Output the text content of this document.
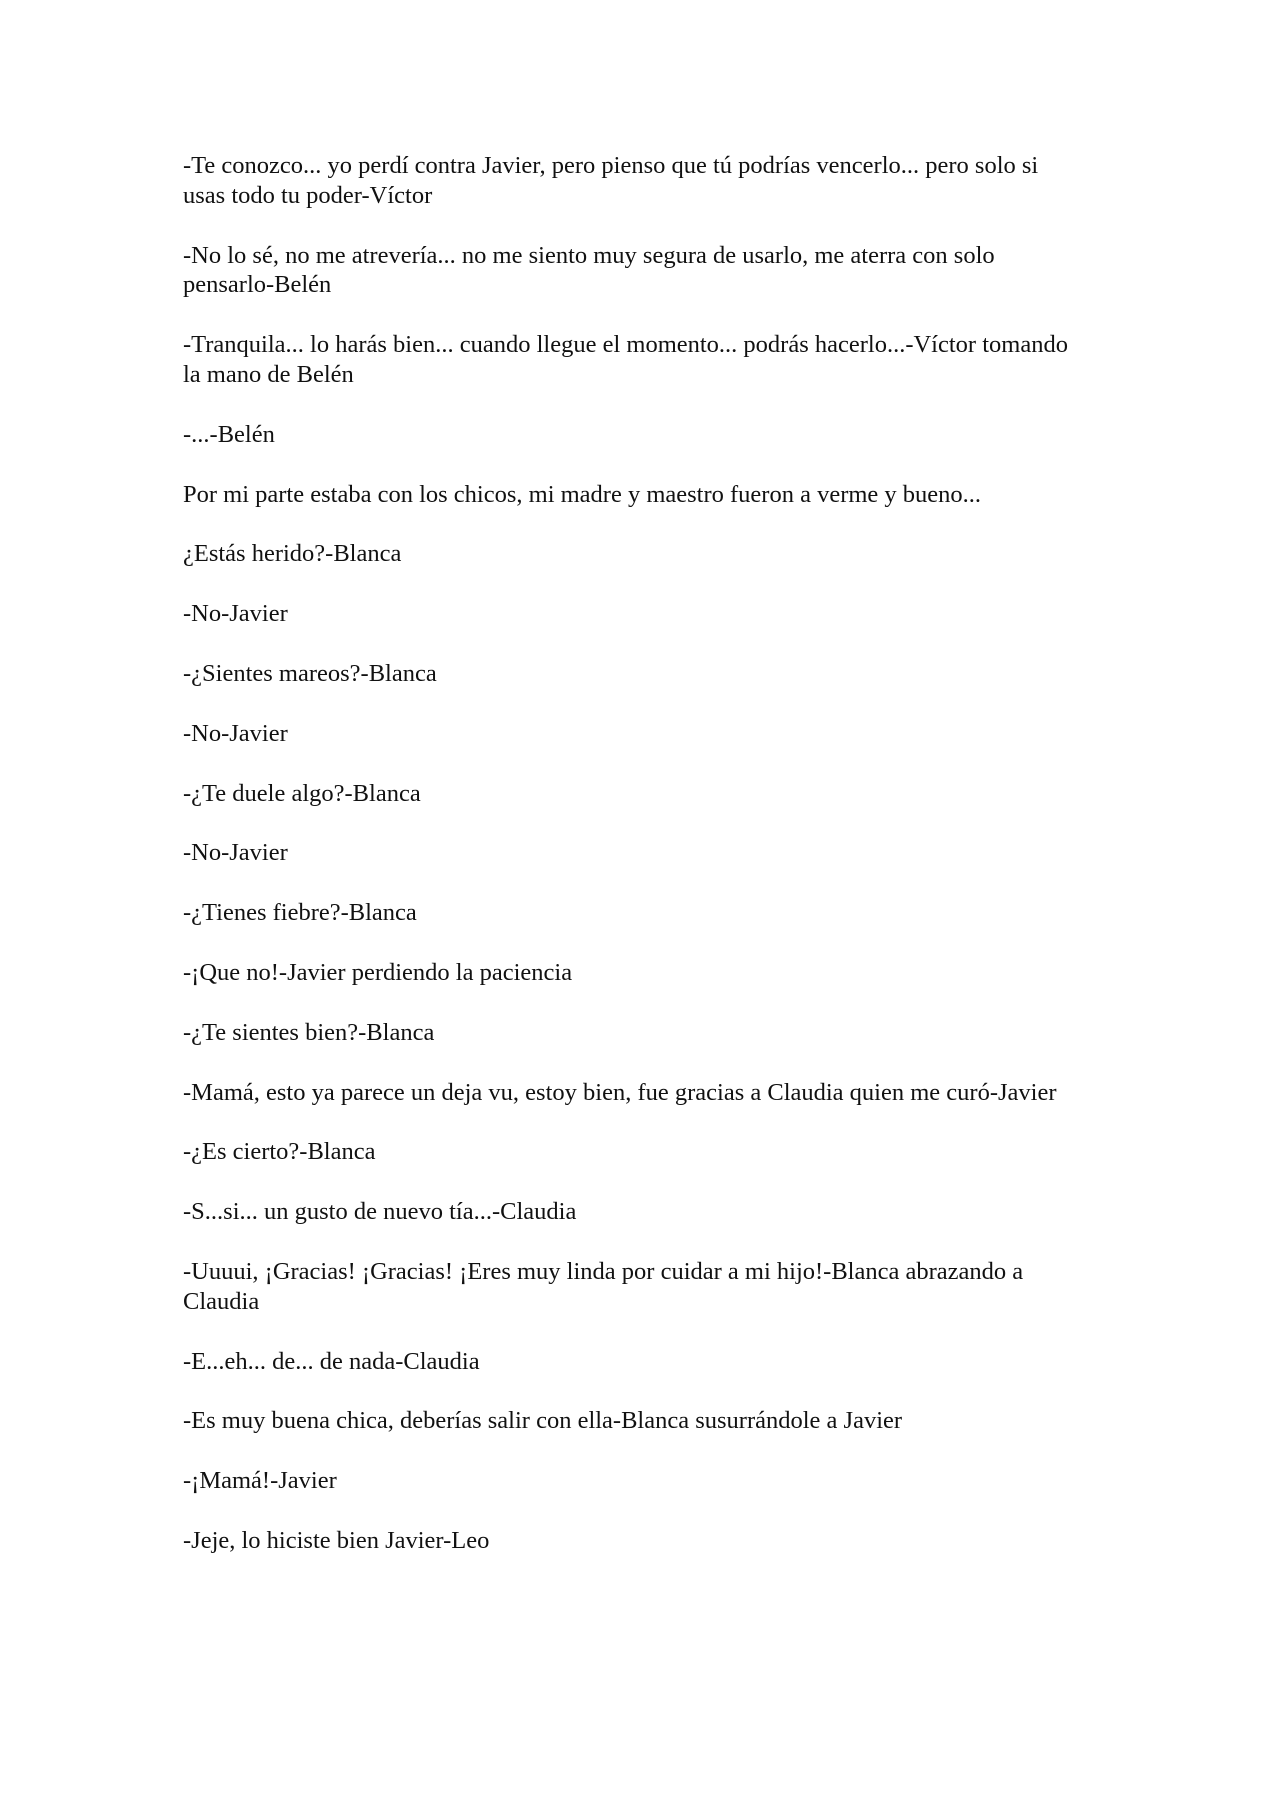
-Te conozco... yo perdí contra Javier, pero pienso que tú podrías vencerlo... pero solo si usas todo tu poder-Víctor

-No lo sé, no me atrevería... no me siento muy segura de usarlo, me aterra con solo pensarlo-Belén

-Tranquila... lo harás bien... cuando llegue el momento... podrás hacerlo...-Víctor tomando la mano de Belén

-...-Belén

Por mi parte estaba con los chicos, mi madre y maestro fueron a verme y bueno...

¿Estás herido?-Blanca

-No-Javier

-¿Sientes mareos?-Blanca

-No-Javier

-¿Te duele algo?-Blanca

-No-Javier

-¿Tienes fiebre?-Blanca

-¡Que no!-Javier perdiendo la paciencia

-¿Te sientes bien?-Blanca

-Mamá, esto ya parece un deja vu, estoy bien, fue gracias a Claudia quien me curó-Javier

-¿Es cierto?-Blanca

-S...si... un gusto de nuevo tía...-Claudia

-Uuuui, ¡Gracias! ¡Gracias! ¡Eres muy linda por cuidar a mi hijo!-Blanca abrazando a Claudia

-E...eh... de... de nada-Claudia

-Es muy buena chica, deberías salir con ella-Blanca susurrándole a Javier

-¡Mamá!-Javier

-Jeje, lo hiciste bien Javier-Leo
